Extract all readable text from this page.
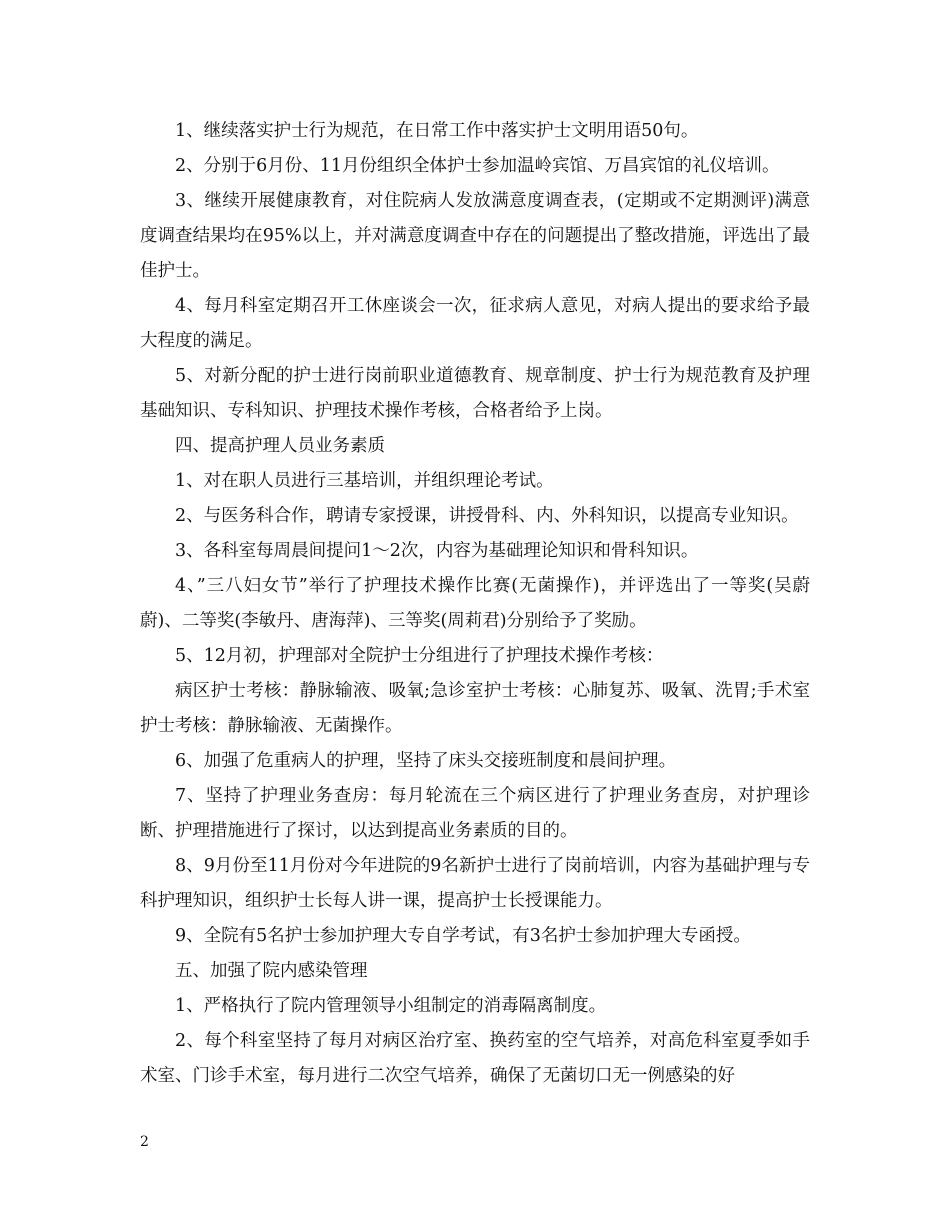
1、继续落实护士行为规范，在日常工作中落实护士文明用语50句。

2、分别于6月份、11月份组织全体护士参加温岭宾馆、万昌宾馆的礼仪培训。

3、继续开展健康教育，对住院病人发放满意度调查表，(定期或不定期测评)满意度调查结果均在95%以上，并对满意度调查中存在的问题提出了整改措施，评选出了最佳护士。

4、每月科室定期召开工休座谈会一次，征求病人意见，对病人提出的要求给予最大程度的满足。

5、对新分配的护士进行岗前职业道德教育、规章制度、护士行为规范教育及护理基础知识、专科知识、护理技术操作考核，合格者给予上岗。

四、提高护理人员业务素质

1、对在职人员进行三基培训，并组织理论考试。

2、与医务科合作，聘请专家授课，讲授骨科、内、外科知识，以提高专业知识。

3、各科室每周晨间提问1～2次，内容为基础理论知识和骨科知识。

4、”三八妇女节”举行了护理技术操作比赛(无菌操作)，并评选出了一等奖(吴蔚蔚)、二等奖(李敏丹、唐海萍)、三等奖(周莉君)分别给予了奖励。

5、12月初，护理部对全院护士分组进行了护理技术操作考核：

病区护士考核：静脉输液、吸氧;急诊室护士考核：心肺复苏、吸氧、洗胃;手术室护士考核：静脉输液、无菌操作。

6、加强了危重病人的护理，坚持了床头交接班制度和晨间护理。

7、坚持了护理业务查房：每月轮流在三个病区进行了护理业务查房，对护理诊断、护理措施进行了探讨，以达到提高业务素质的目的。

8、9月份至11月份对今年进院的9名新护士进行了岗前培训，内容为基础护理与专科护理知识，组织护士长每人讲一课，提高护士长授课能力。

9、全院有5名护士参加护理大专自学考试，有3名护士参加护理大专函授。

五、加强了院内感染管理

1、严格执行了院内管理领导小组制定的消毒隔离制度。

2、每个科室坚持了每月对病区治疗室、换药室的空气培养，对高危科室夏季如手术室、门诊手术室，每月进行二次空气培养，确保了无菌切口无一例感染的好

2
